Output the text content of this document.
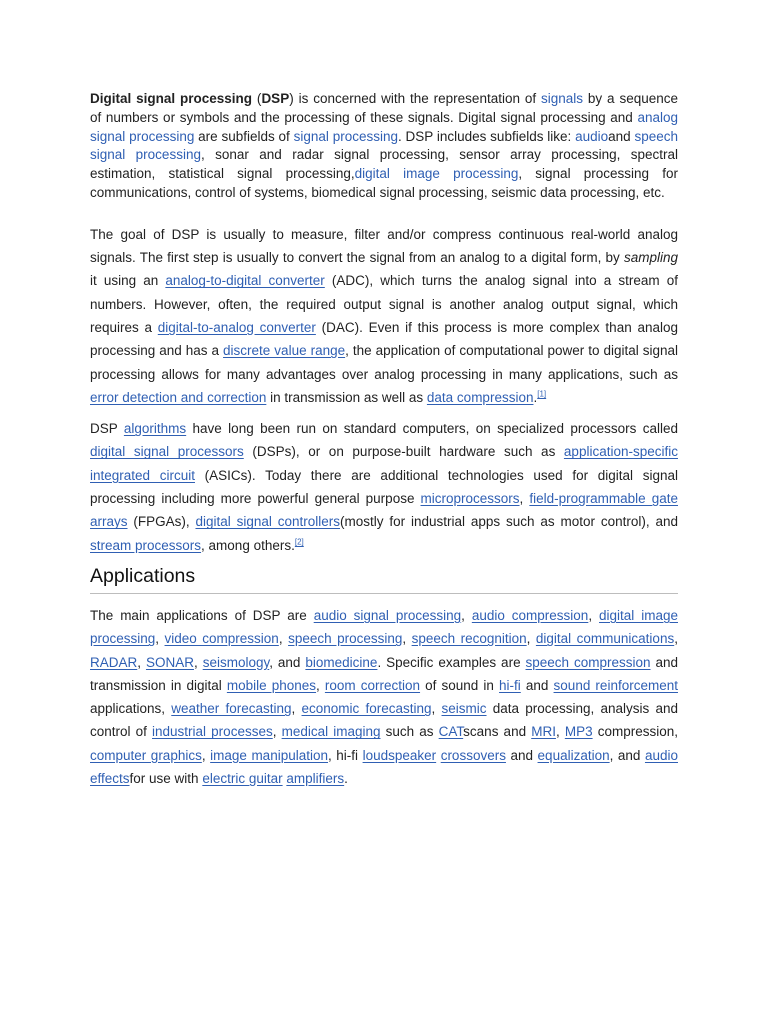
Digital signal processing (DSP) is concerned with the representation of signals by a sequence of numbers or symbols and the processing of these signals. Digital signal processing and analog signal processing are subfields of signal processing. DSP includes subfields like: audioand speech signal processing, sonar and radar signal processing, sensor array processing, spectral estimation, statistical signal processing,digital image processing, signal processing for communications, control of systems, biomedical signal processing, seismic data processing, etc.

The goal of DSP is usually to measure, filter and/or compress continuous real-world analog signals. The first step is usually to convert the signal from an analog to a digital form, by sampling it using an analog-to-digital converter (ADC), which turns the analog signal into a stream of numbers. However, often, the required output signal is another analog output signal, which requires a digital-to-analog converter (DAC). Even if this process is more complex than analog processing and has a discrete value range, the application of computational power to digital signal processing allows for many advantages over analog processing in many applications, such as error detection and correction in transmission as well as data compression.[1]

DSP algorithms have long been run on standard computers, on specialized processors called digital signal processors (DSPs), or on purpose-built hardware such as application-specific integrated circuit (ASICs). Today there are additional technologies used for digital signal processing including more powerful general purpose microprocessors, field-programmable gate arrays (FPGAs), digital signal controllers(mostly for industrial apps such as motor control), and stream processors, among others.[2]

Applications

The main applications of DSP are audio signal processing, audio compression, digital image processing, video compression, speech processing, speech recognition, digital communications, RADAR, SONAR, seismology, and biomedicine. Specific examples are speech compression and transmission in digital mobile phones, room correction of sound in hi-fi and sound reinforcement applications, weather forecasting, economic forecasting, seismic data processing, analysis and control of industrial processes, medical imaging such as CATscans and MRI, MP3 compression, computer graphics, image manipulation, hi-fi loudspeaker crossovers and equalization, and audio effectsfor use with electric guitar amplifiers.
